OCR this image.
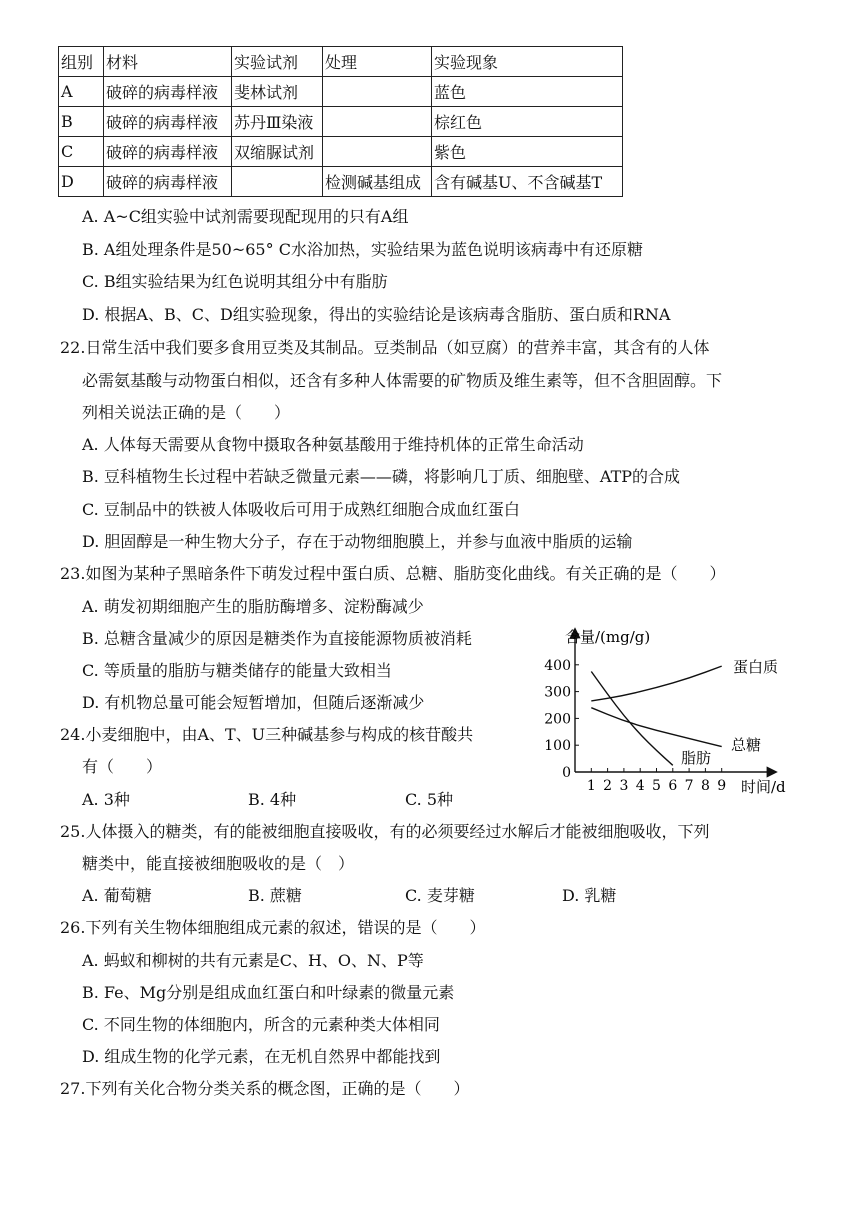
组别	材料	实验试剂	处理	实验现象
A	破碎的病毒样液	斐林试剂		蓝色
B	破碎的病毒样液	苏丹Ⅲ染液		棕红色
C	破碎的病毒样液	双缩脲试剂		紫色
D	破碎的病毒样液		检测碱基组成	含有碱基U、不含碱基T
A. A~C组实验中试剂需要现配现用的只有A组
B. A组处理条件是50~65° C水浴加热，实验结果为蓝色说明该病毒中有还原糖
C. B组实验结果为红色说明其组分中有脂肪
D. 根据A、B、C、D组实验现象，得出的实验结论是该病毒含脂肪、蛋白质和RNA
22.日常生活中我们要多食用豆类及其制品。豆类制品（如豆腐）的营养丰富，其含有的人体
必需氨基酸与动物蛋白相似，还含有多种人体需要的矿物质及维生素等，但不含胆固醇。下
列相关说法正确的是（　　）
A. 人体每天需要从食物中摄取各种氨基酸用于维持机体的正常生命活动
B. 豆科植物生长过程中若缺乏微量元素——磷，将影响几丁质、细胞壁、ATP的合成
C. 豆制品中的铁被人体吸收后可用于成熟红细胞合成血红蛋白
D. 胆固醇是一种生物大分子，存在于动物细胞膜上，并参与血液中脂质的运输
23.如图为某种子黑暗条件下萌发过程中蛋白质、总糖、脂肪变化曲线。有关正确的是（　　）
A. 萌发初期细胞产生的脂肪酶增多、淀粉酶减少
B. 总糖含量减少的原因是糖类作为直接能源物质被消耗
C. 等质量的脂肪与糖类储存的能量大致相当
D. 有机物总量可能会短暂增加，但随后逐渐减少
24.小麦细胞中，由A、T、U三种碱基参与构成的核苷酸共
有（　　）
A. 3种	B. 4种	C. 5种
25.人体摄入的糖类，有的能被细胞直接吸收，有的必须要经过水解后才能被细胞吸收，下列
糖类中，能直接被细胞吸收的是（　）
A. 葡萄糖	B. 蔗糖	C. 麦芽糖	D. 乳糖
26.下列有关生物体细胞组成元素的叙述，错误的是（　　）
A. 蚂蚁和柳树的共有元素是C、H、O、N、P等
B. Fe、Mg分别是组成血红蛋白和叶绿素的微量元素
C. 不同生物的体细胞内，所含的元素种类大体相同
D. 组成生物的化学元素，在无机自然界中都能找到
27.下列有关化合物分类关系的概念图，正确的是（　　）
含量/(mg/g)
时间/d
0
100
200
300
400
1 2 3 4 5 6 7 8 9
蛋白质
总糖
脂肪
